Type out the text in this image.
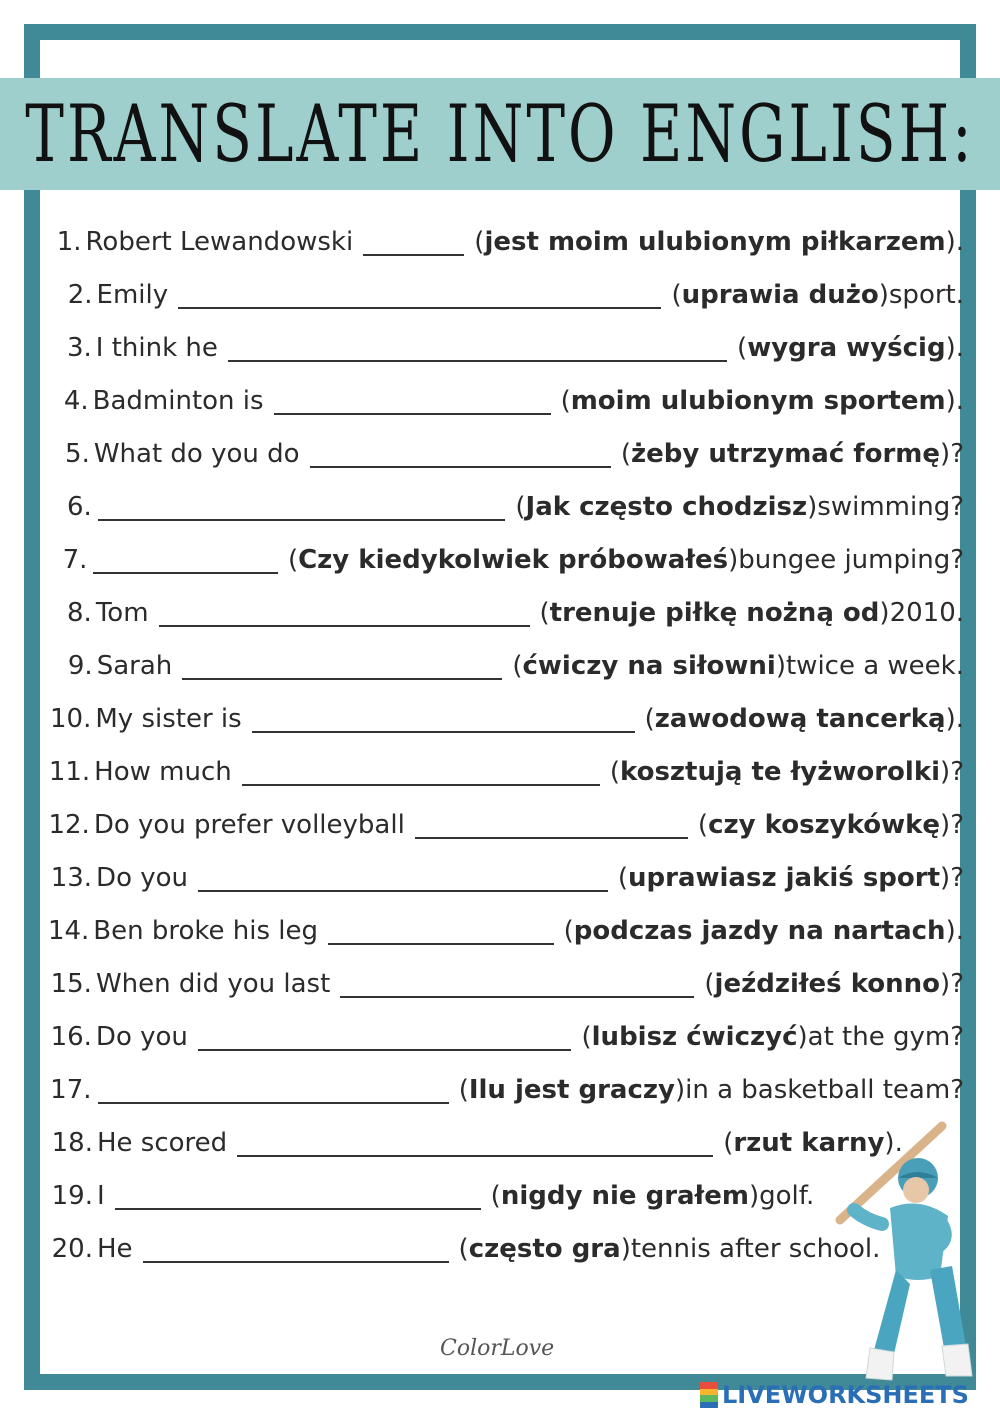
TRANSLATE INTO ENGLISH:
1. Robert Lewandowski	( jest moim ulubionym piłkarzem ) .
2. Emily	( uprawia dużo ) sport.
3. I think he	( wygra wyścig ) .
4. Badminton is	( moim ulubionym sportem ) .
5. What do you do	( żeby utrzymać formę ) ?
6.	( Jak często chodzisz ) swimming?
7.	( Czy kiedykolwiek próbowałeś ) bungee jumping?
8. Tom	( trenuje piłkę nożną od ) 2010.
9. Sarah	( ćwiczy na siłowni ) twice a week.
10. My sister is	( zawodową tancerką ) .
11. How much	( kosztują te łyżworolki ) ?
12. Do you prefer volleyball	( czy koszykówkę ) ?
13. Do you	( uprawiasz jakiś sport ) ?
14. Ben broke his leg	( podczas jazdy na nartach ) .
15. When did you last	( jeździłeś konno ) ?
16. Do you	( lubisz ćwiczyć ) at the gym?
17.	( Ilu jest graczy ) in a basketball team?
18. He scored	( rzut karny ) .
19. I	( nigdy nie grałem ) golf.
20. He	( często gra ) tennis after school.
ColorLove
LIVEWORKSHEETS
